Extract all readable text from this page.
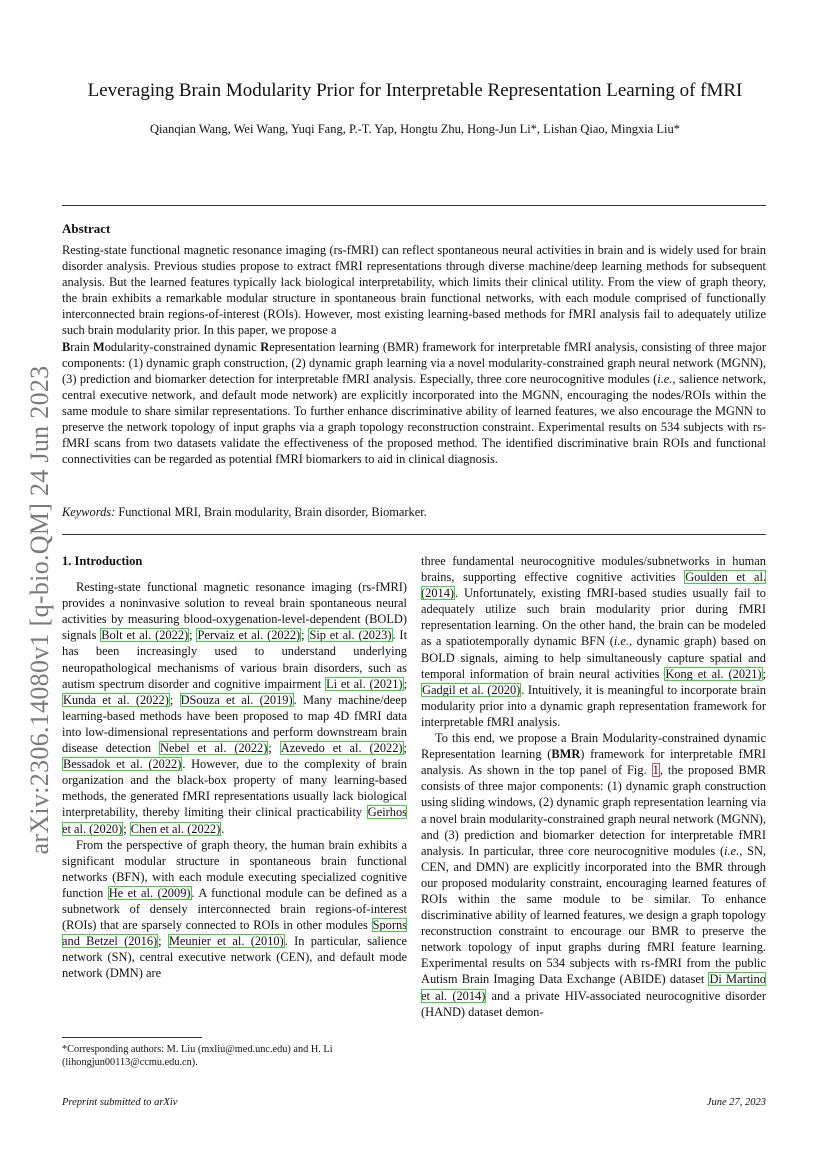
arXiv:2306.14080v1 [q-bio.QM] 24 Jun 2023
Leveraging Brain Modularity Prior for Interpretable Representation Learning of fMRI
Qianqian Wang, Wei Wang, Yuqi Fang, P.-T. Yap, Hongtu Zhu, Hong-Jun Li*, Lishan Qiao, Mingxia Liu*
Abstract
Resting-state functional magnetic resonance imaging (rs-fMRI) can reflect spontaneous neural activities in brain and is widely used for brain disorder analysis. Previous studies propose to extract fMRI representations through diverse machine/deep learning methods for subsequent analysis. But the learned features typically lack biological interpretability, which limits their clinical utility. From the view of graph theory, the brain exhibits a remarkable modular structure in spontaneous brain functional networks, with each module comprised of functionally interconnected brain regions-of-interest (ROIs). However, most existing learning-based methods for fMRI analysis fail to adequately utilize such brain modularity prior. In this paper, we propose a
Brain Modularity-constrained dynamic Representation learning (BMR) framework for interpretable fMRI analysis, consisting of three major components: (1) dynamic graph construction, (2) dynamic graph learning via a novel modularity-constrained graph neural network (MGNN), (3) prediction and biomarker detection for interpretable fMRI analysis. Especially, three core neurocognitive modules (i.e., salience network, central executive network, and default mode network) are explicitly incorporated into the MGNN, encouraging the nodes/ROIs within the same module to share similar representations. To further enhance discriminative ability of learned features, we also encourage the MGNN to preserve the network topology of input graphs via a graph topology reconstruction constraint. Experimental results on 534 subjects with rs-fMRI scans from two datasets validate the effectiveness of the proposed method. The identified discriminative brain ROIs and functional connectivities can be regarded as potential fMRI biomarkers to aid in clinical diagnosis.
Keywords: Functional MRI, Brain modularity, Brain disorder, Biomarker.
1. Introduction

Resting-state functional magnetic resonance imaging (rs-fMRI) provides a noninvasive solution to reveal brain spontaneous neural activities by measuring blood-oxygenation-level-dependent (BOLD) signals Bolt et al. (2022); Pervaiz et al. (2022); Sip et al. (2023). It has been increasingly used to understand underlying neuropathological mechanisms of various brain disorders, such as autism spectrum disorder and cognitive impairment Li et al. (2021); Kunda et al. (2022); DSouza et al. (2019). Many machine/deep learning-based methods have been proposed to map 4D fMRI data into low-dimensional representations and perform downstream brain disease detection Nebel et al. (2022); Azevedo et al. (2022); Bessadok et al. (2022). However, due to the complexity of brain organization and the black-box property of many learning-based methods, the generated fMRI representations usually lack biological interpretability, thereby limiting their clinical practicability Geirhos et al. (2020); Chen et al. (2022).

From the perspective of graph theory, the human brain exhibits a significant modular structure in spontaneous brain functional networks (BFN), with each module executing specialized cognitive function He et al. (2009). A functional module can be defined as a subnetwork of densely interconnected brain regions-of-interest (ROIs) that are sparsely connected to ROIs in other modules Sporns and Betzel (2016); Meunier et al. (2010). In particular, salience network (SN), central executive network (CEN), and default mode network (DMN) are

three fundamental neurocognitive modules/subnetworks in human brains, supporting effective cognitive activities Goulden et al. (2014). Unfortunately, existing fMRI-based studies usually fail to adequately utilize such brain modularity prior during fMRI representation learning. On the other hand, the brain can be modeled as a spatiotemporally dynamic BFN (i.e., dynamic graph) based on BOLD signals, aiming to help simultaneously capture spatial and temporal information of brain neural activities Kong et al. (2021); Gadgil et al. (2020). Intuitively, it is meaningful to incorporate brain modularity prior into a dynamic graph representation framework for interpretable fMRI analysis.

To this end, we propose a Brain Modularity-constrained dynamic Representation learning (BMR) framework for interpretable fMRI analysis. As shown in the top panel of Fig. 1, the proposed BMR consists of three major components: (1) dynamic graph construction using sliding windows, (2) dynamic graph representation learning via a novel brain modularity-constrained graph neural network (MGNN), and (3) prediction and biomarker detection for interpretable fMRI analysis. In particular, three core neurocognitive modules (i.e., SN, CEN, and DMN) are explicitly incorporated into the BMR through our proposed modularity constraint, encouraging learned features of ROIs within the same module to be similar. To enhance discriminative ability of learned features, we design a graph topology reconstruction constraint to encourage our BMR to preserve the network topology of input graphs during fMRI feature learning. Experimental results on 534 subjects with rs-fMRI from the public Autism Brain Imaging Data Exchange (ABIDE) dataset Di Martino et al. (2014) and a private HIV-associated neurocognitive disorder (HAND) dataset demon-

*Corresponding authors: M. Liu (mxliu@med.unc.edu) and H. Li (lihongjun00113@ccmu.edu.cn).
Preprint submitted to arXiv	June 27, 2023
